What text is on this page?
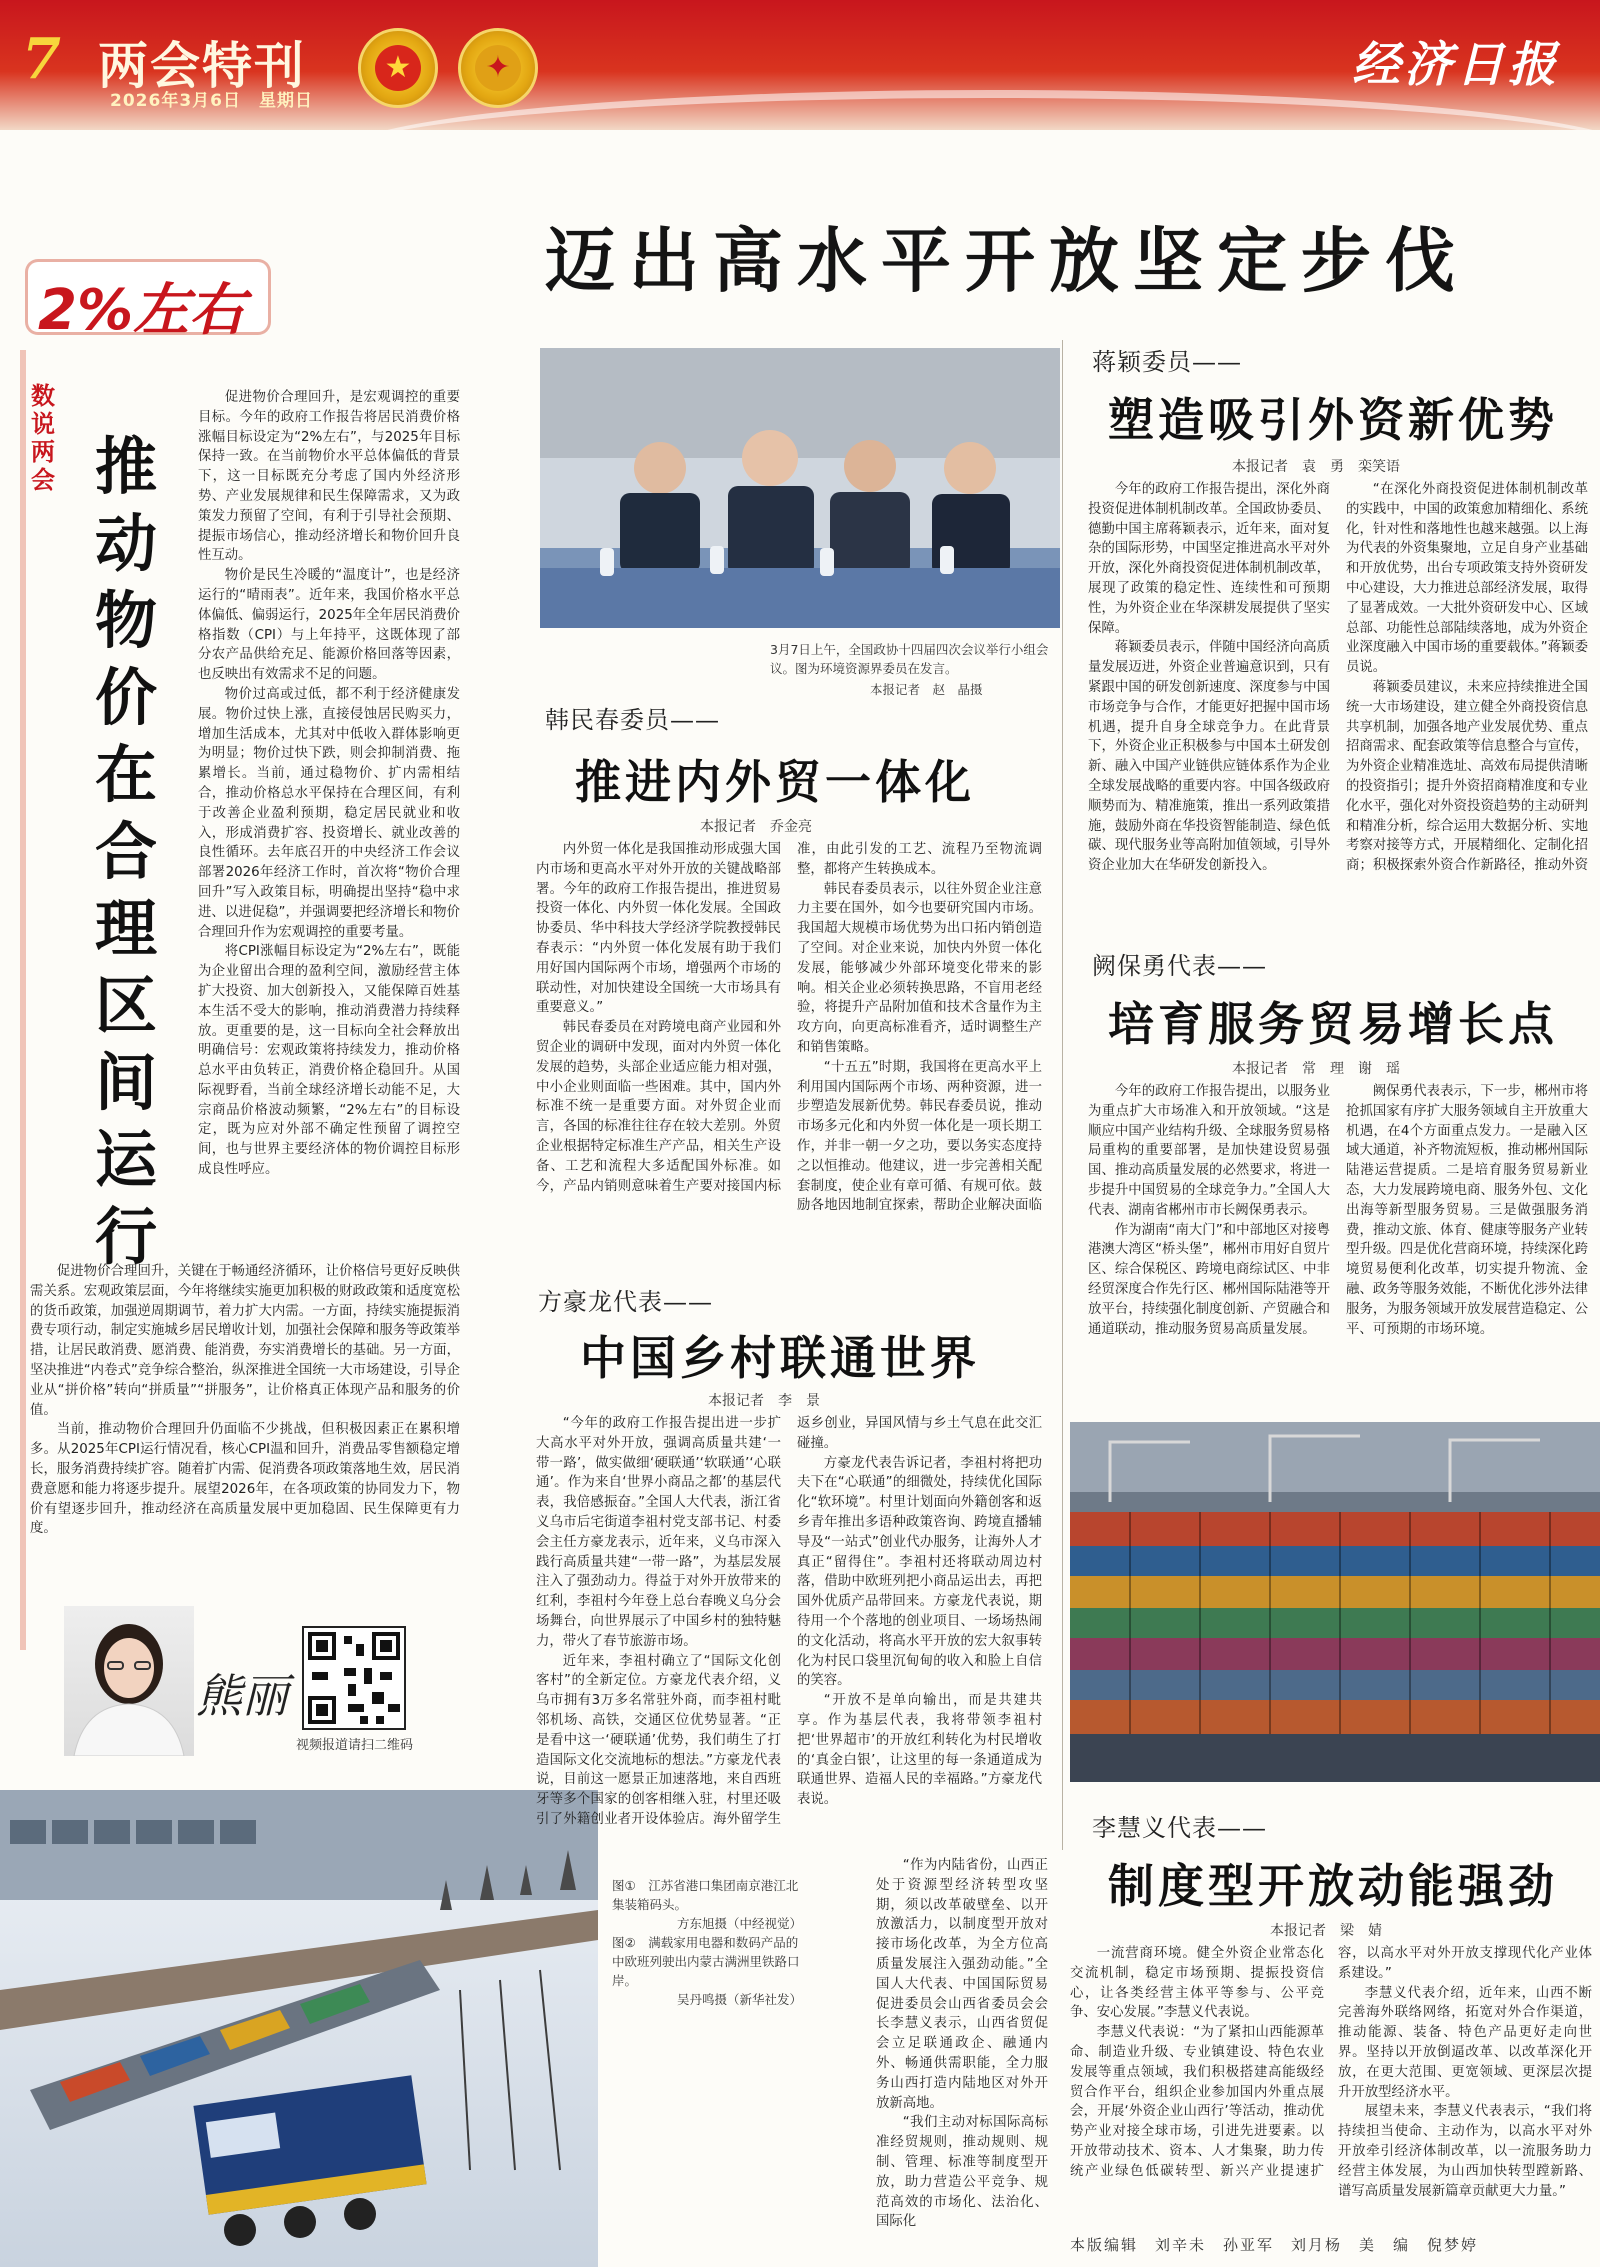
7 两会特刊
2026年3月6日　星期日
★	✦	经济日报
迈出高水平开放坚定步伐
2%左右
数说两会 推动物价在合理区间运行

促进物价合理回升，是宏观调控的重要目标。今年的政府工作报告将居民消费价格涨幅目标设定为“2%左右”，与2025年目标保持一致。在当前物价水平总体偏低的背景下，这一目标既充分考虑了国内外经济形势、产业发展规律和民生保障需求，又为政策发力预留了空间，有利于引导社会预期、提振市场信心，推动经济增长和物价回升良性互动。

物价是民生冷暖的“温度计”，也是经济运行的“晴雨表”。近年来，我国价格水平总体偏低、偏弱运行，2025年全年居民消费价格指数（CPI）与上年持平，这既体现了部分农产品供给充足、能源价格回落等因素，也反映出有效需求不足的问题。

物价过高或过低，都不利于经济健康发展。物价过快上涨，直接侵蚀居民购买力，增加生活成本，尤其对中低收入群体影响更为明显；物价过快下跌，则会抑制消费、拖累增长。当前，通过稳物价、扩内需相结合，推动价格总水平保持在合理区间，有利于改善企业盈利预期，稳定居民就业和收入，形成消费扩容、投资增长、就业改善的良性循环。去年底召开的中央经济工作会议部署2026年经济工作时，首次将“物价合理回升”写入政策目标，明确提出坚持“稳中求进、以进促稳”，并强调要把经济增长和物价合理回升作为宏观调控的重要考量。

将CPI涨幅目标设定为“2%左右”，既能为企业留出合理的盈利空间，激励经营主体扩大投资、加大创新投入，又能保障百姓基本生活不受大的影响，推动消费潜力持续释放。更重要的是，这一目标向全社会释放出明确信号：宏观政策将持续发力，推动价格总水平由负转正，消费价格企稳回升。从国际视野看，当前全球经济增长动能不足，大宗商品价格波动频繁，“2%左右”的目标设定，既为应对外部不确定性预留了调控空间，也与世界主要经济体的物价调控目标形成良性呼应。

促进物价合理回升，关键在于畅通经济循环，让价格信号更好反映供需关系。宏观政策层面，今年将继续实施更加积极的财政政策和适度宽松的货币政策，加强逆周期调节，着力扩大内需。一方面，持续实施提振消费专项行动，制定实施城乡居民增收计划，加强社会保障和服务等政策举措，让居民敢消费、愿消费、能消费，夯实消费增长的基础。另一方面，坚决推进“内卷式”竞争综合整治，纵深推进全国统一大市场建设，引导企业从“拼价格”转向“拼质量”“拼服务”，让价格真正体现产品和服务的价值。

当前，推动物价合理回升仍面临不少挑战，但积极因素正在累积增多。从2025年CPI运行情况看，核心CPI温和回升，消费品零售额稳定增长，服务消费持续扩容。随着扩内需、促消费各项政策落地生效，居民消费意愿和能力将逐步提升。展望2026年，在各项政策的协同发力下，物价有望逐步回升，推动经济在高质量发展中更加稳固、民生保障更有力度。

熊丽
视频报道请扫二维码
3月7日上午，全国政协十四届四次会议举行小组会议。图为环境资源界委员在发言。
本报记者　赵　晶摄
韩民春委员——
推进内外贸一体化
本报记者　乔金亮

内外贸一体化是我国推动形成强大国内市场和更高水平对外开放的关键战略部署。今年的政府工作报告提出，推进贸易投资一体化、内外贸一体化发展。全国政协委员、华中科技大学经济学院教授韩民春表示：“内外贸一体化发展有助于我们用好国内国际两个市场，增强两个市场的联动性，对加快建设全国统一大市场具有重要意义。”

韩民春委员在对跨境电商产业园和外贸企业的调研中发现，面对内外贸一体化发展的趋势，头部企业适应能力相对强，中小企业则面临一些困难。其中，国内外标准不统一是重要方面。对外贸企业而言，各国的标准往往存在较大差别。外贸企业根据特定标准生产产品，相关生产设备、工艺和流程大多适配国外标准。如今，产品内销则意味着生产要对接国内标准，由此引发的工艺、流程乃至物流调整，都将产生转换成本。

韩民春委员表示，以往外贸企业注意力主要在国外，如今也要研究国内市场。我国超大规模市场优势为出口拓内销创造了空间。对企业来说，加快内外贸一体化发展，能够减少外部环境变化带来的影响。相关企业必须转换思路，不盲用老经验，将提升产品附加值和技术含量作为主攻方向，向更高标准看齐，适时调整生产和销售策略。

“十五五”时期，我国将在更高水平上利用国内国际两个市场、两种资源，进一步塑造发展新优势。韩民春委员说，推动市场多元化和内外贸一体化是一项长期工作，并非一朝一夕之功，要以务实态度持之以恒推动。他建议，进一步完善相关配套制度，使企业有章可循、有规可依。鼓励各地因地制宜探索，帮助企业解决面临

方豪龙代表——
中国乡村联通世界
本报记者　李　景

“今年的政府工作报告提出进一步扩大高水平对外开放，强调高质量共建‘一带一路’，做实做细‘硬联通’‘软联通’‘心联通’。作为来自‘世界小商品之都’的基层代表，我倍感振奋。”全国人大代表，浙江省义乌市后宅街道李祖村党支部书记、村委会主任方豪龙表示，近年来，义乌市深入践行高质量共建“一带一路”，为基层发展注入了强劲动力。得益于对外开放带来的红利，李祖村今年登上总台春晚义乌分会场舞台，向世界展示了中国乡村的独特魅力，带火了春节旅游市场。

近年来，李祖村确立了“国际文化创客村”的全新定位。方豪龙代表介绍，义乌市拥有3万多名常驻外商，而李祖村毗邻机场、高铁，交通区位优势显著。“正是看中这一‘硬联通’优势，我们萌生了打造国际文化交流地标的想法。”方豪龙代表说，目前这一愿景正加速落地，来自西班牙等多个国家的创客相继入驻，村里还吸引了外籍创业者开设体验店。海外留学生返乡创业，异国风情与乡土气息在此交汇碰撞。

方豪龙代表告诉记者，李祖村将把功夫下在“心联通”的细微处，持续优化国际化“软环境”。村里计划面向外籍创客和返乡青年推出多语种政策咨询、跨境直播辅导及“一站式”创业代办服务，让海外人才真正“留得住”。李祖村还将联动周边村落，借助中欧班列把小商品运出去，再把国外优质产品带回来。方豪龙代表说，期待用一个个落地的创业项目、一场场热闹的文化活动，将高水平开放的宏大叙事转化为村民口袋里沉甸甸的收入和脸上自信的笑容。

“开放不是单向输出，而是共建共享。作为基层代表，我将带领李祖村把‘世界超市’的开放红利转化为村民增收的‘真金白银’，让这里的每一条通道成为联通世界、造福人民的幸福路。”方豪龙代表说。

图①　江苏省港口集团南京港江北集装箱码头。
方东旭摄（中经视觉）
图②　满载家用电器和数码产品的中欧班列驶出内蒙古满洲里铁路口岸。
吴丹鸣摄（新华社发）

“作为内陆省份，山西正处于资源型经济转型攻坚期，须以改革破壁垒、以开放激活力，以制度型开放对接市场化改革，为全方位高质量发展注入强劲动能。”全国人大代表、中国国际贸易促进委员会山西省委员会会长李慧义表示，山西省贸促会立足联通政企、融通内外、畅通供需职能，全力服务山西打造内陆地区对外开放新高地。

“我们主动对标国际高标准经贸规则，推动规则、规制、管理、标准等制度型开放，助力营造公平竞争、规范高效的市场化、法治化、国际化

蒋颖委员——
塑造吸引外资新优势
本报记者　袁　勇　栾笑语

今年的政府工作报告提出，深化外商投资促进体制机制改革。全国政协委员、德勤中国主席蒋颖表示，近年来，面对复杂的国际形势，中国坚定推进高水平对外开放，深化外商投资促进体制机制改革，展现了政策的稳定性、连续性和可预期性，为外资企业在华深耕发展提供了坚实保障。

蒋颖委员表示，伴随中国经济向高质量发展迈进，外资企业普遍意识到，只有紧跟中国的研发创新速度、深度参与中国市场竞争与合作，才能更好把握中国市场机遇，提升自身全球竞争力。在此背景下，外资企业正积极参与中国本土研发创新、融入中国产业链供应链体系作为企业全球发展战略的重要内容。中国各级政府顺势而为、精准施策，推出一系列政策措施，鼓励外商在华投资智能制造、绿色低碳、现代服务业等高附加值领域，引导外资企业加大在华研发创新投入。

“在深化外商投资促进体制机制改革的实践中，中国的政策愈加精细化、系统化，针对性和落地性也越来越强。以上海为代表的外资集聚地，立足自身产业基础和开放优势，出台专项政策支持外资研发中心建设，大力推进总部经济发展，取得了显著成效。一大批外资研发中心、区域总部、功能性总部陆续落地，成为外资企业深度融入中国市场的重要载体。”蒋颖委员说。

蒋颖委员建议，未来应持续推进全国统一大市场建设，建立健全外商投资信息共享机制，加强各地产业发展优势、重点招商需求、配套政策等信息整合与宣传，为外资企业精准选址、高效布局提供清晰的投资指引；提升外资招商精准度和专业化水平，强化对外资投资趋势的主动研判和精准分析，综合运用大数据分析、实地考察对接等方式，开展精细化、定制化招商；积极探索外资合作新路径，推动外资

阙保勇代表——
培育服务贸易增长点
本报记者　常　理　谢　瑶

今年的政府工作报告提出，以服务业为重点扩大市场准入和开放领域。“这是顺应中国产业结构升级、全球服务贸易格局重构的重要部署，是加快建设贸易强国、推动高质量发展的必然要求，将进一步提升中国贸易的全球竞争力。”全国人大代表、湖南省郴州市市长阙保勇表示。

作为湖南“南大门”和中部地区对接粤港澳大湾区“桥头堡”，郴州市用好自贸片区、综合保税区、跨境电商综试区、中非经贸深度合作先行区、郴州国际陆港等开放平台，持续强化制度创新、产贸融合和通道联动，推动服务贸易高质量发展。

阙保勇代表表示，下一步，郴州市将抢抓国家有序扩大服务领域自主开放重大机遇，在4个方面重点发力。一是融入区域大通道，补齐物流短板，推动郴州国际陆港运营提质。二是培育服务贸易新业态，大力发展跨境电商、服务外包、文化出海等新型服务贸易。三是做强服务消费，推动文旅、体育、健康等服务产业转型升级。四是优化营商环境，持续深化跨境贸易便利化改革，切实提升物流、金融、政务等服务效能，不断优化涉外法律服务，为服务领域开放发展营造稳定、公平、可预期的市场环境。

李慧义代表——
制度型开放动能强劲
本报记者　梁　婧

一流营商环境。健全外资企业常态化交流机制，稳定市场预期、提振投资信心，让各类经营主体平等参与、公平竞争、安心发展。”李慧义代表说。

李慧义代表说：“为了紧扣山西能源革命、制造业升级、专业镇建设、特色农业发展等重点领域，我们积极搭建高能级经贸合作平台，组织企业参加国内外重点展会，开展‘外资企业山西行’等活动，推动优势产业对接全球市场，引进先进要素。以开放带动技术、资本、人才集聚，助力传统产业绿色低碳转型、新兴产业提速扩容，以高水平对外开放支撑现代化产业体系建设。”

李慧义代表介绍，近年来，山西不断完善海外联络网络，拓宽对外合作渠道，推动能源、装备、特色产品更好走向世界。坚持以开放倒逼改革、以改革深化开放，在更大范围、更宽领域、更深层次提升开放型经济水平。

展望未来，李慧义代表表示，“我们将持续担当使命、主动作为，以高水平对外开放牵引经济体制改革，以一流服务助力经营主体发展，为山西加快转型蹚新路、谱写高质量发展新篇章贡献更大力量。”

本版编辑　刘辛未　孙亚军　刘月杨　美　编　倪梦婷
